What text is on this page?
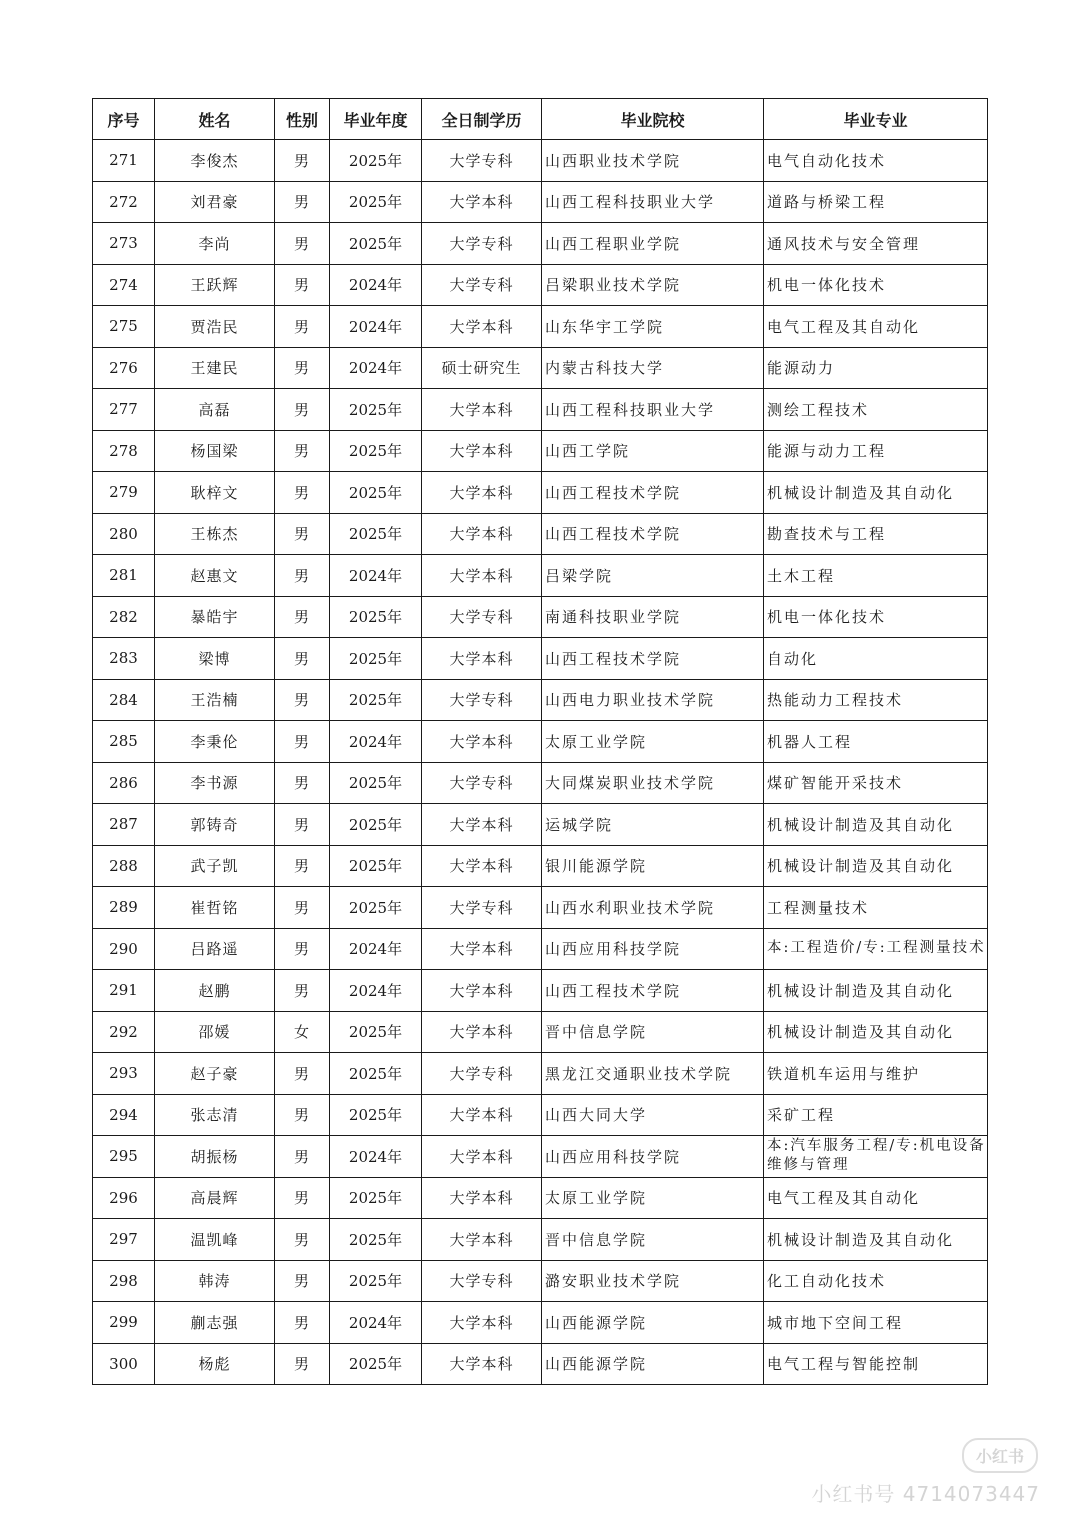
序号	姓名	性别	毕业年度	全日制学历	毕业院校	毕业专业
271	李俊杰	男	2025年	大学专科	山西职业技术学院	电气自动化技术
272	刘君豪	男	2025年	大学本科	山西工程科技职业大学	道路与桥梁工程
273	李尚	男	2025年	大学专科	山西工程职业学院	通风技术与安全管理
274	王跃辉	男	2024年	大学专科	吕梁职业技术学院	机电一体化技术
275	贾浩民	男	2024年	大学本科	山东华宇工学院	电气工程及其自动化
276	王建民	男	2024年	硕士研究生	内蒙古科技大学	能源动力
277	高磊	男	2025年	大学本科	山西工程科技职业大学	测绘工程技术
278	杨国梁	男	2025年	大学本科	山西工学院	能源与动力工程
279	耿梓文	男	2025年	大学本科	山西工程技术学院	机械设计制造及其自动化
280	王栋杰	男	2025年	大学本科	山西工程技术学院	勘查技术与工程
281	赵惠文	男	2024年	大学本科	吕梁学院	土木工程
282	暴皓宇	男	2025年	大学专科	南通科技职业学院	机电一体化技术
283	梁博	男	2025年	大学本科	山西工程技术学院	自动化
284	王浩楠	男	2025年	大学专科	山西电力职业技术学院	热能动力工程技术
285	李秉伦	男	2024年	大学本科	太原工业学院	机器人工程
286	李书源	男	2025年	大学专科	大同煤炭职业技术学院	煤矿智能开采技术
287	郭铸奇	男	2025年	大学本科	运城学院	机械设计制造及其自动化
288	武子凯	男	2025年	大学本科	银川能源学院	机械设计制造及其自动化
289	崔哲铭	男	2025年	大学专科	山西水利职业技术学院	工程测量技术
290	吕路遥	男	2024年	大学本科	山西应用科技学院	本:工程造价/专:工程测量技术
291	赵鹏	男	2024年	大学本科	山西工程技术学院	机械设计制造及其自动化
292	邵媛	女	2025年	大学本科	晋中信息学院	机械设计制造及其自动化
293	赵子豪	男	2025年	大学专科	黑龙江交通职业技术学院	铁道机车运用与维护
294	张志清	男	2025年	大学本科	山西大同大学	采矿工程
295	胡振杨	男	2024年	大学本科	山西应用科技学院	本:汽车服务工程/专:机电设备维修与管理
296	高晨辉	男	2025年	大学本科	太原工业学院	电气工程及其自动化
297	温凯峰	男	2025年	大学本科	晋中信息学院	机械设计制造及其自动化
298	韩涛	男	2025年	大学专科	潞安职业技术学院	化工自动化技术
299	蒯志强	男	2024年	大学本科	山西能源学院	城市地下空间工程
300	杨彪	男	2025年	大学本科	山西能源学院	电气工程与智能控制
小红书
小红书号 4714073447
